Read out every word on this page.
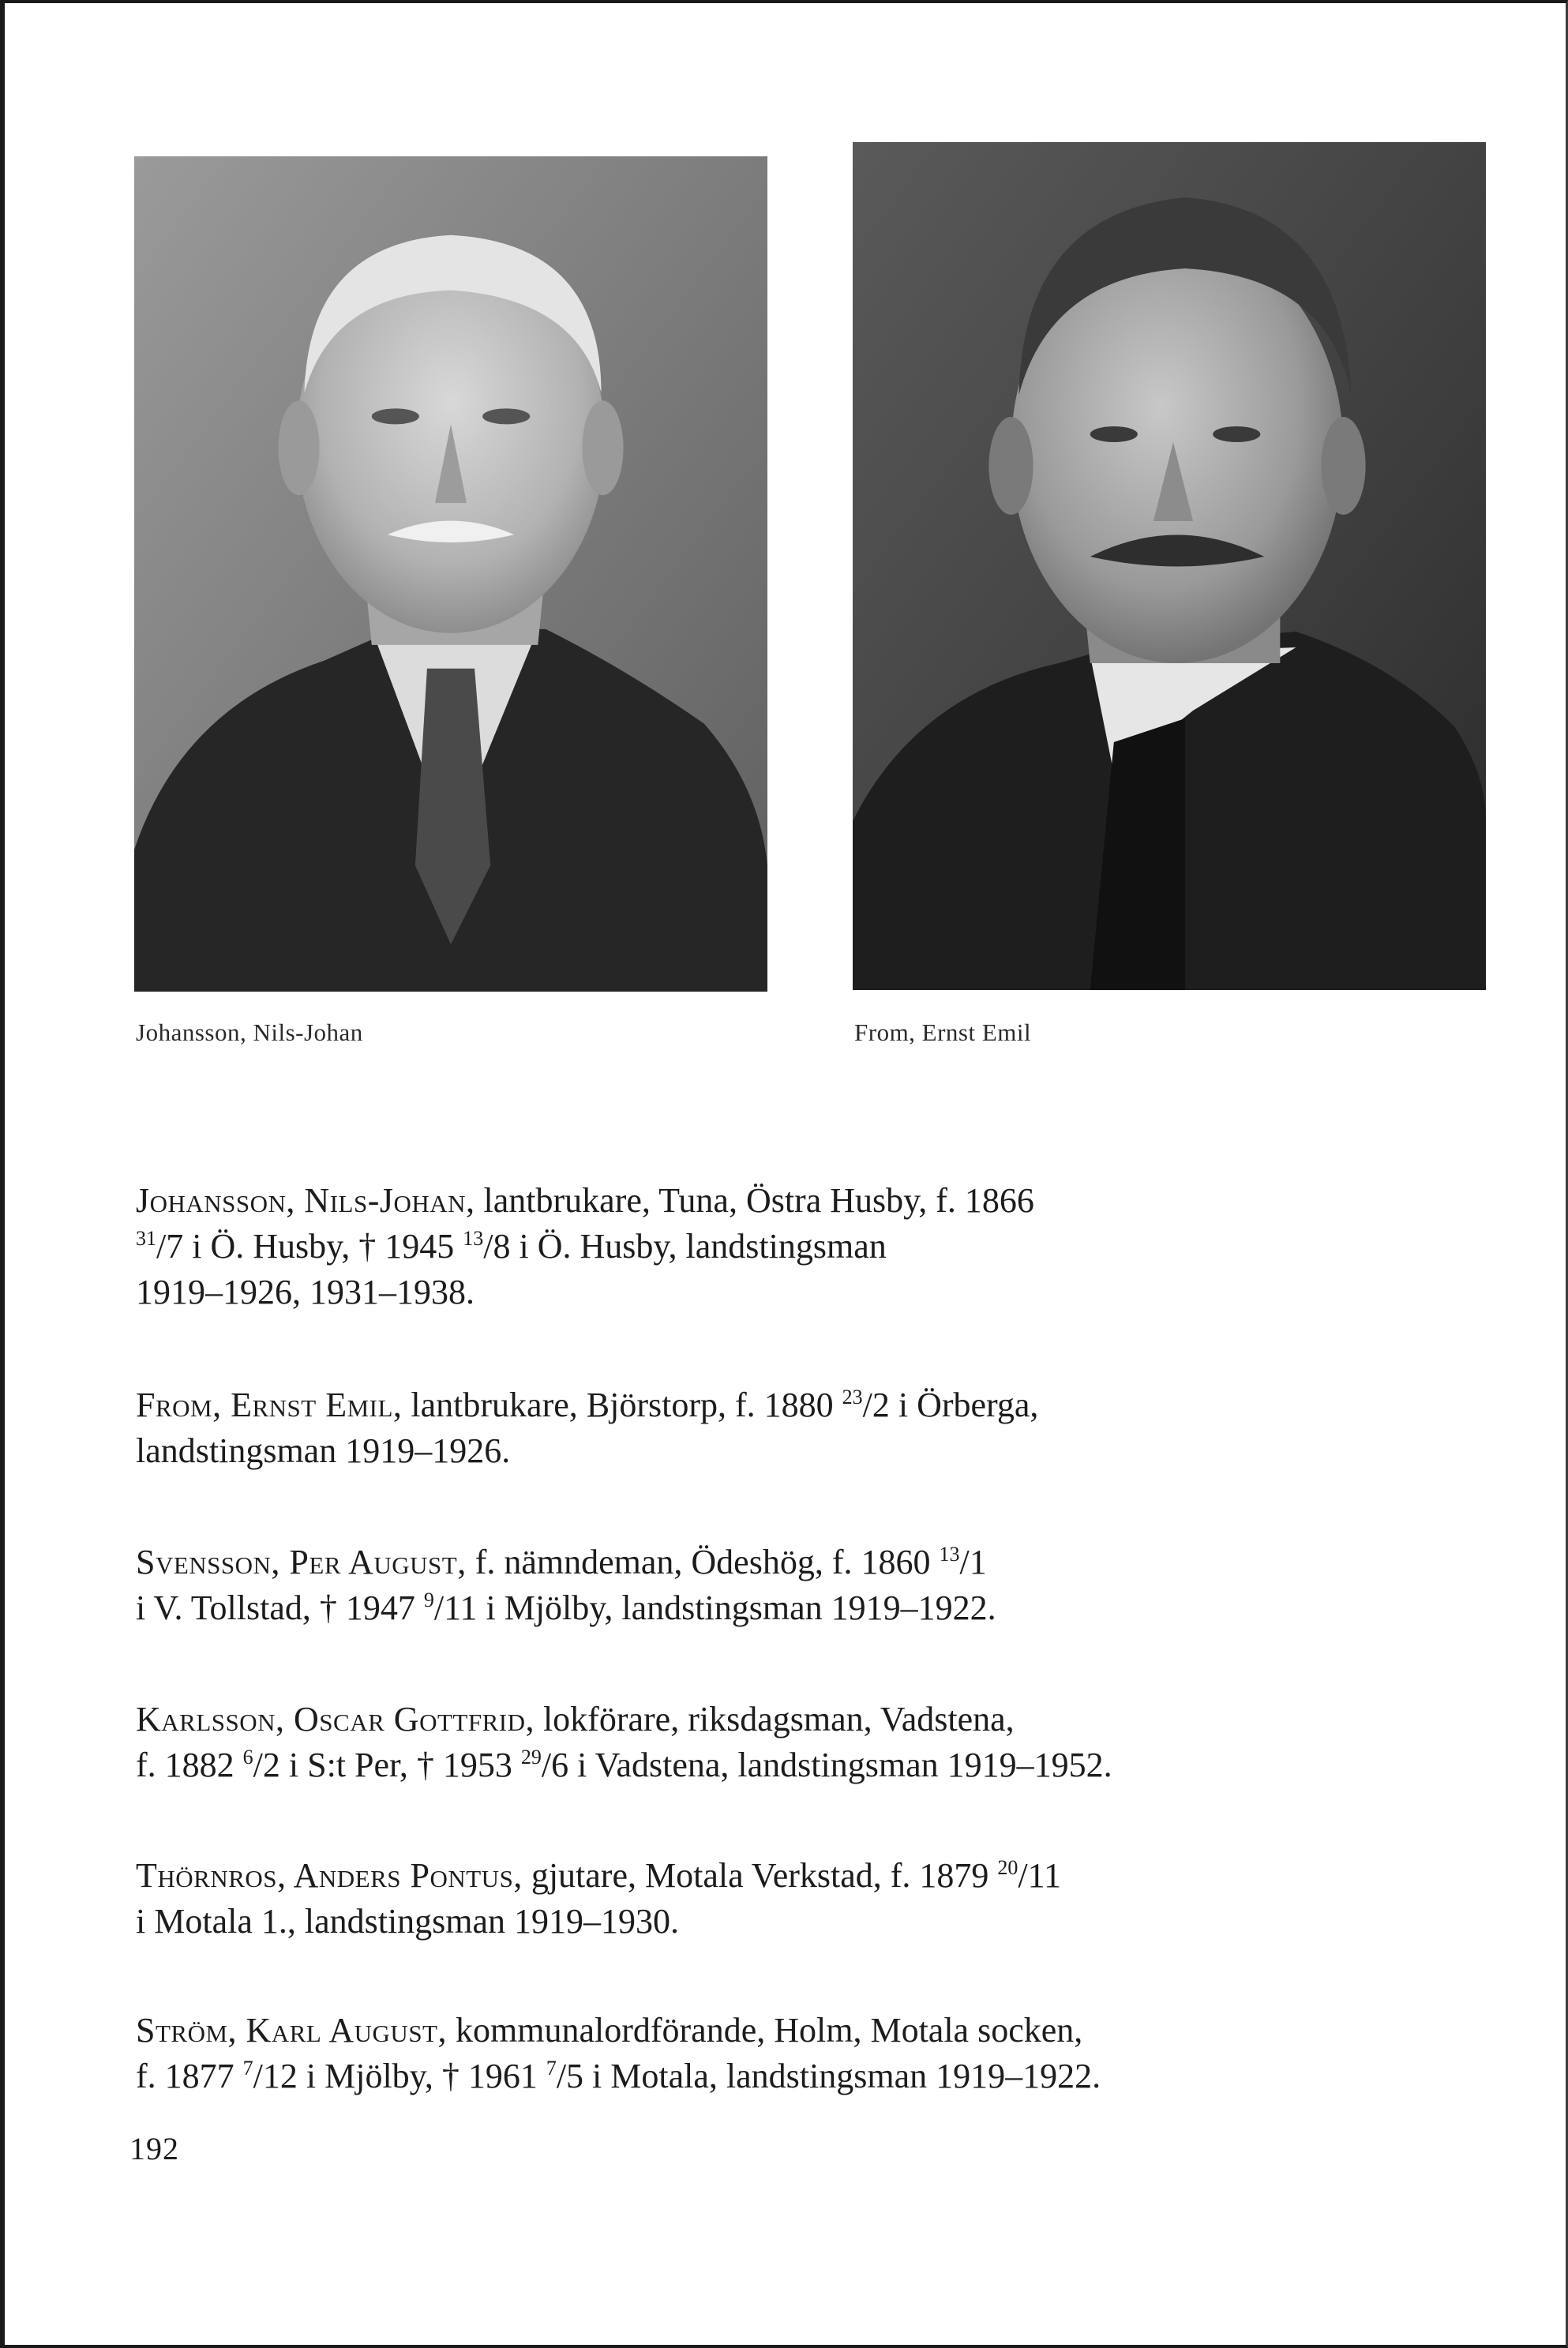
Johansson, Nils-Johan	From, Ernst Emil
Johansson, Nils-Johan, lantbrukare, Tuna, Östra Husby, f. 1866
$^{31}$/7 i Ö. Husby, † 1945 $^{13}$/8 i Ö. Husby, landstingsman
1919–1926, 1931–1938.
From, Ernst Emil, lantbrukare, Björstorp, f. 1880 $^{23}$/2 i Örberga,
landstingsman 1919–1926.
Svensson, Per August, f. nämndeman, Ödeshög, f. 1860 $^{13}$/1
i V. Tollstad, † 1947 $^9$/11 i Mjölby, landstingsman 1919–1922.
Karlsson, Oscar Gottfrid, lokförare, riksdagsman, Vadstena,
f. 1882 $^6$/2 i S:t Per, † 1953 $^{29}$/6 i Vadstena, landstingsman 1919–1952.
Thörnros, Anders Pontus, gjutare, Motala Verkstad, f. 1879 $^{20}$/11
i Motala 1., landstingsman 1919–1930.
Ström, Karl August, kommunalordförande, Holm, Motala socken,
f. 1877 $^7$/12 i Mjölby, † 1961 $^7$/5 i Motala, landstingsman 1919–1922.
192
